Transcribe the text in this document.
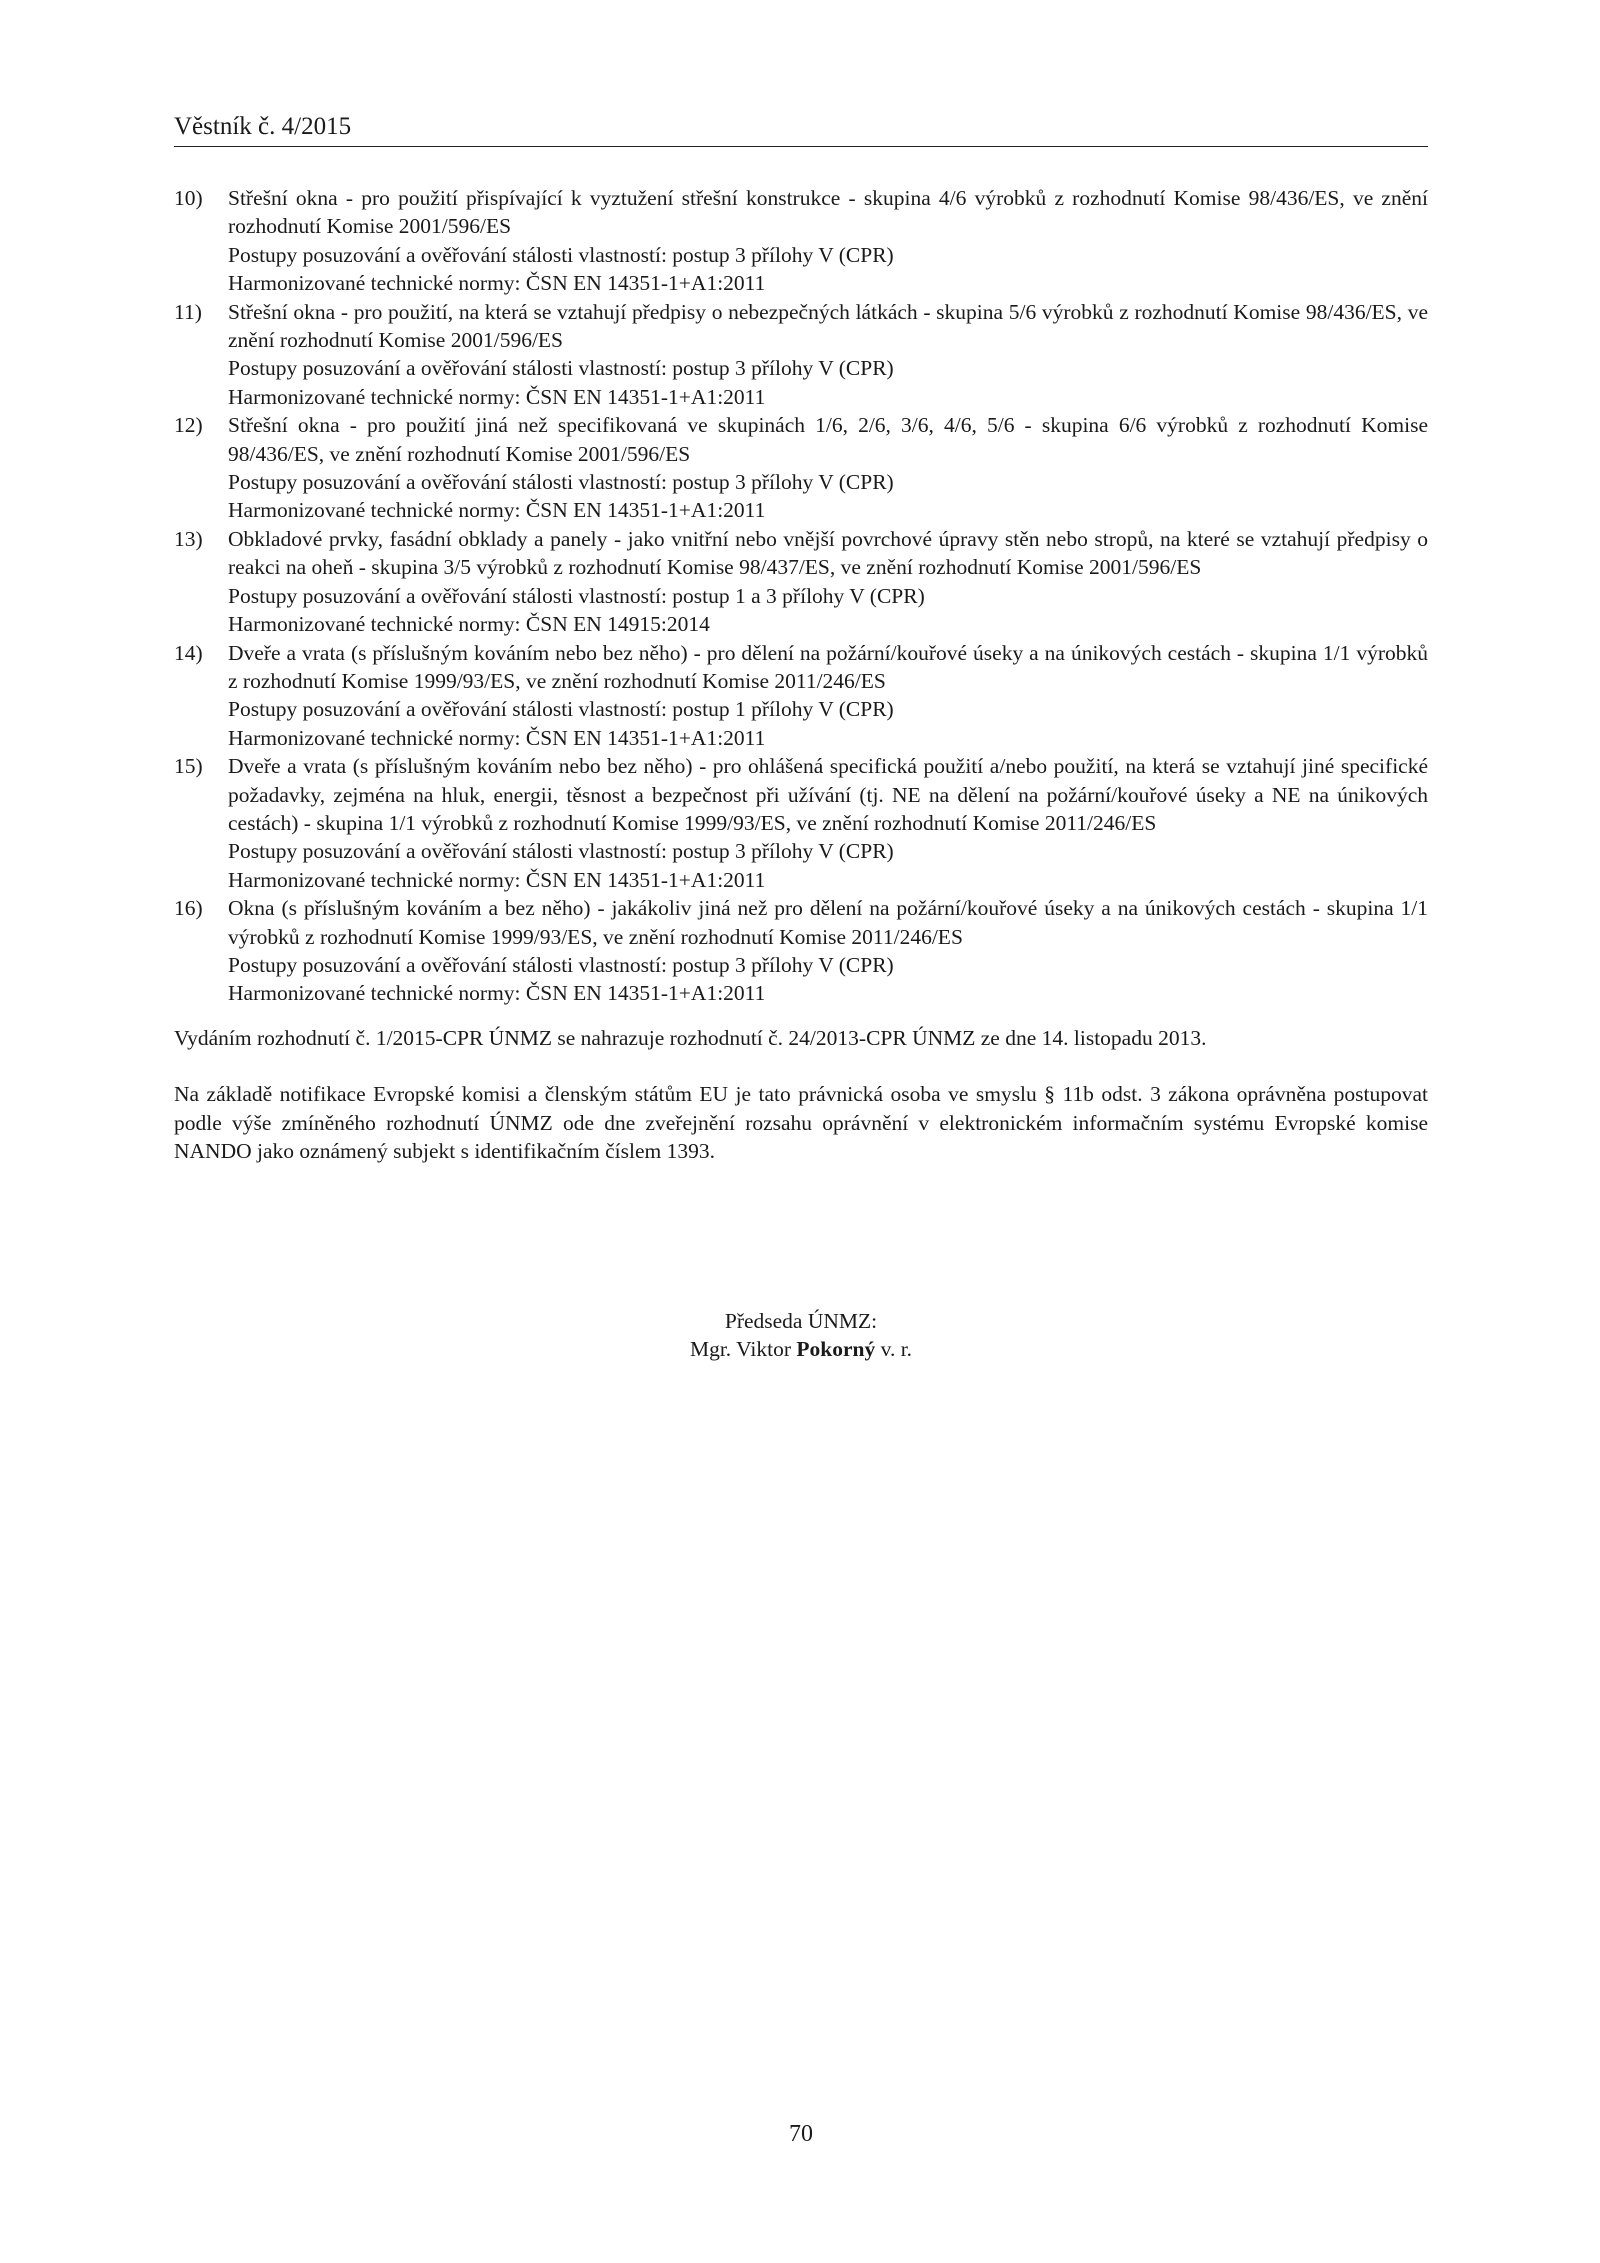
Věstník č. 4/2015
10)	Střešní okna - pro použití přispívající k vyztužení střešní konstrukce - skupina 4/6 výrobků z rozhodnutí Komise 98/436/ES, ve znění rozhodnutí Komise 2001/596/ES
Postupy posuzování a ověřování stálosti vlastností: postup 3 přílohy V (CPR)
Harmonizované technické normy: ČSN EN 14351-1+A1:2011
11)	Střešní okna - pro použití, na která se vztahují předpisy o nebezpečných látkách - skupina 5/6 výrobků z rozhodnutí Komise 98/436/ES, ve znění rozhodnutí Komise 2001/596/ES
Postupy posuzování a ověřování stálosti vlastností: postup 3 přílohy V (CPR)
Harmonizované technické normy: ČSN EN 14351-1+A1:2011
12)	Střešní okna - pro použití jiná než specifikovaná ve skupinách 1/6, 2/6, 3/6, 4/6, 5/6 - skupina 6/6 výrobků z rozhodnutí Komise 98/436/ES, ve znění rozhodnutí Komise 2001/596/ES
Postupy posuzování a ověřování stálosti vlastností: postup 3 přílohy V (CPR)
Harmonizované technické normy: ČSN EN 14351-1+A1:2011
13)	Obkladové prvky, fasádní obklady a panely - jako vnitřní nebo vnější povrchové úpravy stěn nebo stropů, na které se vztahují předpisy o reakci na oheň - skupina 3/5 výrobků z rozhodnutí Komise 98/437/ES, ve znění rozhodnutí Komise 2001/596/ES
Postupy posuzování a ověřování stálosti vlastností: postup 1 a 3 přílohy V (CPR)
Harmonizované technické normy: ČSN EN 14915:2014
14)	Dveře a vrata (s příslušným kováním nebo bez něho) - pro dělení na požární/kouřové úseky a na únikových cestách - skupina 1/1 výrobků z rozhodnutí Komise 1999/93/ES, ve znění rozhodnutí Komise 2011/246/ES
Postupy posuzování a ověřování stálosti vlastností: postup 1 přílohy V (CPR)
Harmonizované technické normy: ČSN EN 14351-1+A1:2011
15)	Dveře a vrata (s příslušným kováním nebo bez něho) - pro ohlášená specifická použití a/nebo použití, na která se vztahují jiné specifické požadavky, zejména na hluk, energii, těsnost a bezpečnost při užívání (tj. NE na dělení na požární/kouřové úseky a NE na únikových cestách) - skupina 1/1 výrobků z rozhodnutí Komise 1999/93/ES, ve znění rozhodnutí Komise 2011/246/ES
Postupy posuzování a ověřování stálosti vlastností: postup 3 přílohy V (CPR)
Harmonizované technické normy: ČSN EN 14351-1+A1:2011
16)	Okna (s příslušným kováním a bez něho) - jakákoliv jiná než pro dělení na požární/kouřové úseky a na únikových cestách - skupina 1/1 výrobků z rozhodnutí Komise 1999/93/ES, ve znění rozhodnutí Komise 2011/246/ES
Postupy posuzování a ověřování stálosti vlastností: postup 3 přílohy V (CPR)
Harmonizované technické normy: ČSN EN 14351-1+A1:2011
Vydáním rozhodnutí č. 1/2015-CPR ÚNMZ se nahrazuje rozhodnutí č. 24/2013-CPR ÚNMZ ze dne 14. listopadu 2013.
Na základě notifikace Evropské komisi a členským státům EU je tato právnická osoba ve smyslu § 11b odst. 3 zákona oprávněna postupovat podle výše zmíněného rozhodnutí ÚNMZ ode dne zveřejnění rozsahu oprávnění v elektronickém informačním systému Evropské komise NANDO jako oznámený subjekt s identifikačním číslem 1393.
Předseda ÚNMZ:
Mgr. Viktor Pokorný v. r.
70
